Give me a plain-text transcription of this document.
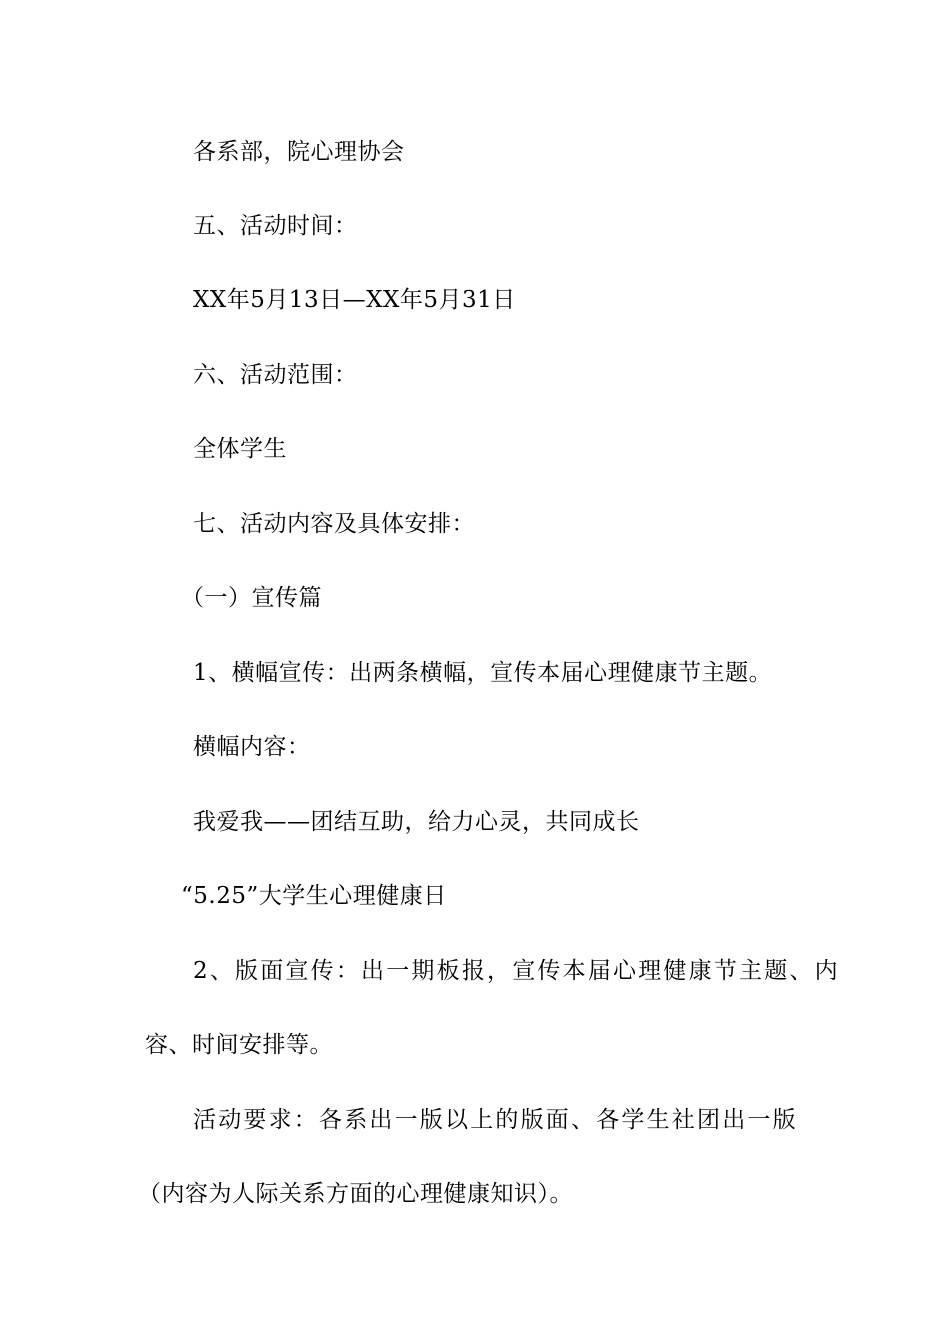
各系部，院心理协会
五、活动时间：
XX年5月13日—XX年5月31日
六、活动范围：
全体学生
七、活动内容及具体安排：
（一）宣传篇
1、横幅宣传：出两条横幅，宣传本届心理健康节主题。
横幅内容：
我爱我——团结互助，给力心灵，共同成长
“5.25”大学生心理健康日
2、版面宣传：出一期板报，宣传本届心理健康节主题、内
容、时间安排等。
活动要求：各系出一版以上的版面、各学生社团出一版
（内容为人际关系方面的心理健康知识）。
